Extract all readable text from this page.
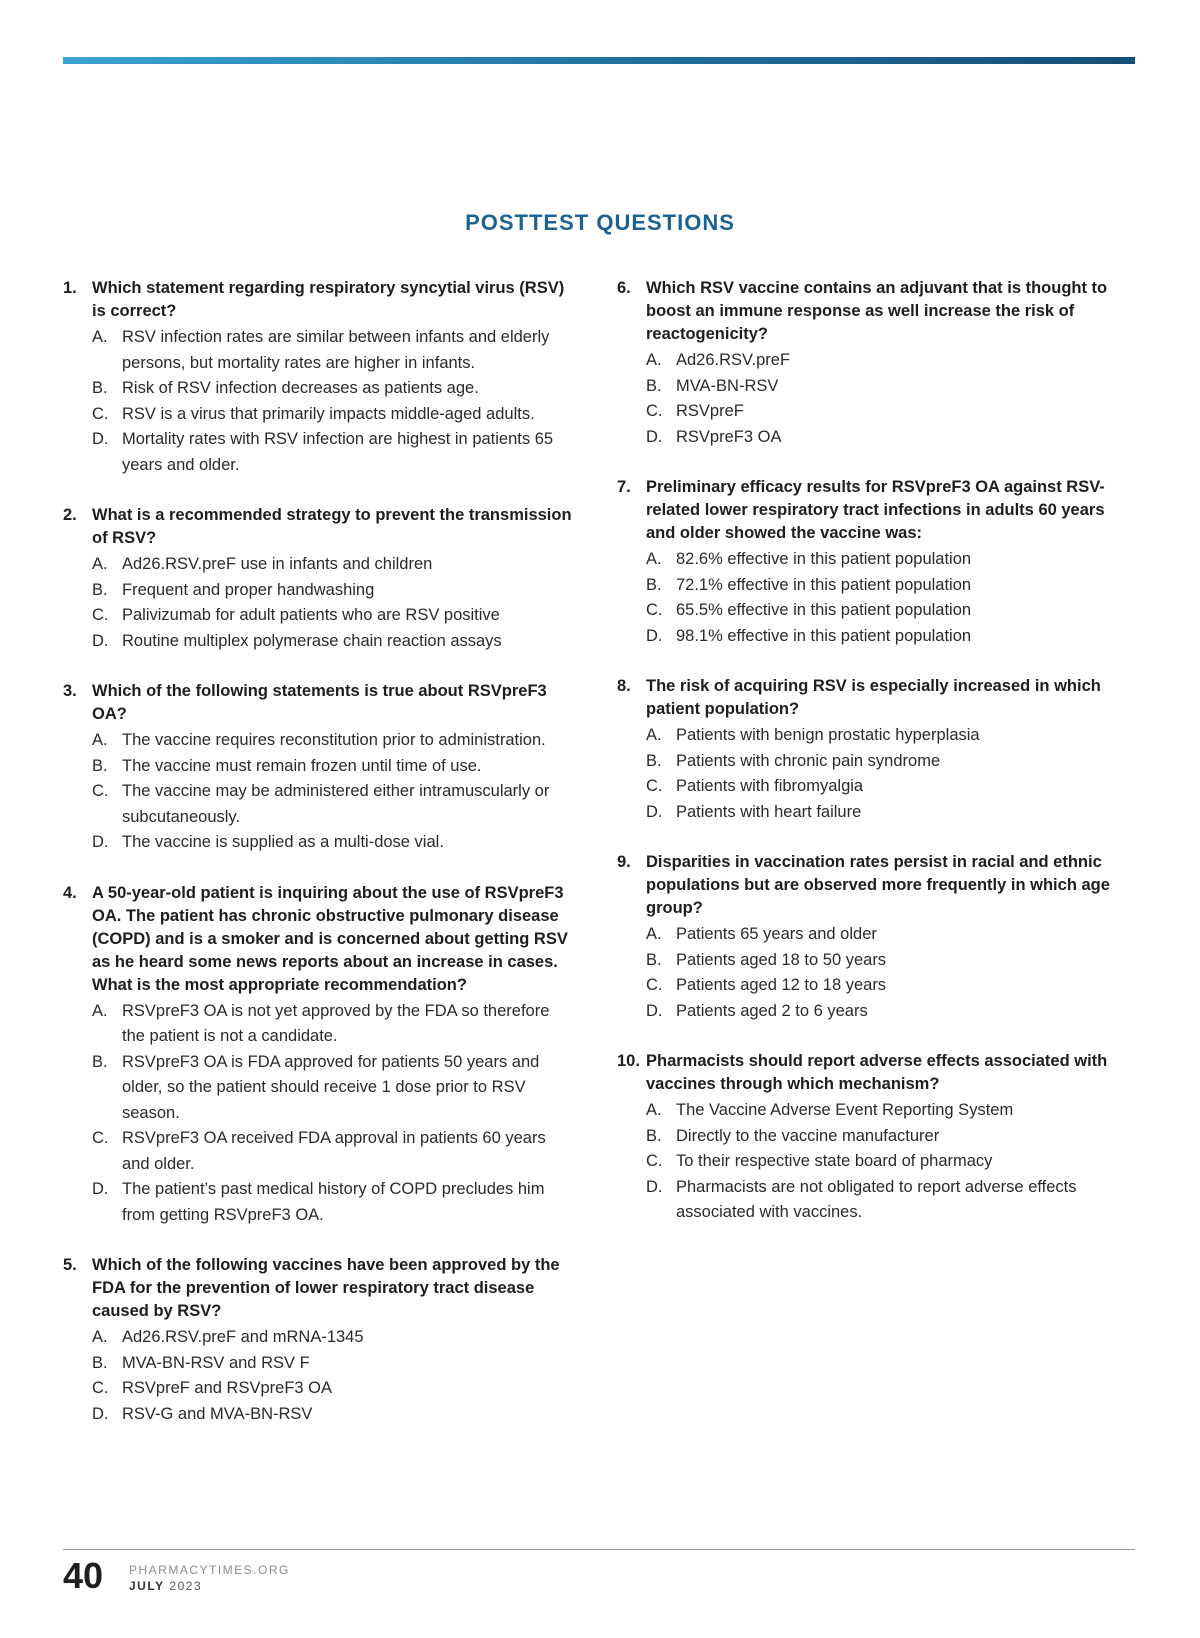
POSTTEST QUESTIONS
1. Which statement regarding respiratory syncytial virus (RSV) is correct?
A. RSV infection rates are similar between infants and elderly persons, but mortality rates are higher in infants.
B. Risk of RSV infection decreases as patients age.
C. RSV is a virus that primarily impacts middle-aged adults.
D. Mortality rates with RSV infection are highest in patients 65 years and older.
2. What is a recommended strategy to prevent the transmission of RSV?
A. Ad26.RSV.preF use in infants and children
B. Frequent and proper handwashing
C. Palivizumab for adult patients who are RSV positive
D. Routine multiplex polymerase chain reaction assays
3. Which of the following statements is true about RSVpreF3 OA?
A. The vaccine requires reconstitution prior to administration.
B. The vaccine must remain frozen until time of use.
C. The vaccine may be administered either intramuscularly or subcutaneously.
D. The vaccine is supplied as a multi-dose vial.
4. A 50-year-old patient is inquiring about the use of RSVpreF3 OA. The patient has chronic obstructive pulmonary disease (COPD) and is a smoker and is concerned about getting RSV as he heard some news reports about an increase in cases. What is the most appropriate recommendation?
A. RSVpreF3 OA is not yet approved by the FDA so therefore the patient is not a candidate.
B. RSVpreF3 OA is FDA approved for patients 50 years and older, so the patient should receive 1 dose prior to RSV season.
C. RSVpreF3 OA received FDA approval in patients 60 years and older.
D. The patient’s past medical history of COPD precludes him from getting RSVpreF3 OA.
5. Which of the following vaccines have been approved by the FDA for the prevention of lower respiratory tract disease caused by RSV?
A. Ad26.RSV.preF and mRNA-1345
B. MVA-BN-RSV and RSV F
C. RSVpreF and RSVpreF3 OA
D. RSV-G and MVA-BN-RSV
6. Which RSV vaccine contains an adjuvant that is thought to boost an immune response as well increase the risk of reactogenicity?
A. Ad26.RSV.preF
B. MVA-BN-RSV
C. RSVpreF
D. RSVpreF3 OA
7. Preliminary efficacy results for RSVpreF3 OA against RSV-related lower respiratory tract infections in adults 60 years and older showed the vaccine was:
A. 82.6% effective in this patient population
B. 72.1% effective in this patient population
C. 65.5% effective in this patient population
D. 98.1% effective in this patient population
8. The risk of acquiring RSV is especially increased in which patient population?
A. Patients with benign prostatic hyperplasia
B. Patients with chronic pain syndrome
C. Patients with fibromyalgia
D. Patients with heart failure
9. Disparities in vaccination rates persist in racial and ethnic populations but are observed more frequently in which age group?
A. Patients 65 years and older
B. Patients aged 18 to 50 years
C. Patients aged 12 to 18 years
D. Patients aged 2 to 6 years
10. Pharmacists should report adverse effects associated with vaccines through which mechanism?
A. The Vaccine Adverse Event Reporting System
B. Directly to the vaccine manufacturer
C. To their respective state board of pharmacy
D. Pharmacists are not obligated to report adverse effects associated with vaccines.
40 PHARMACYTIMES.ORG
JULY 2023
